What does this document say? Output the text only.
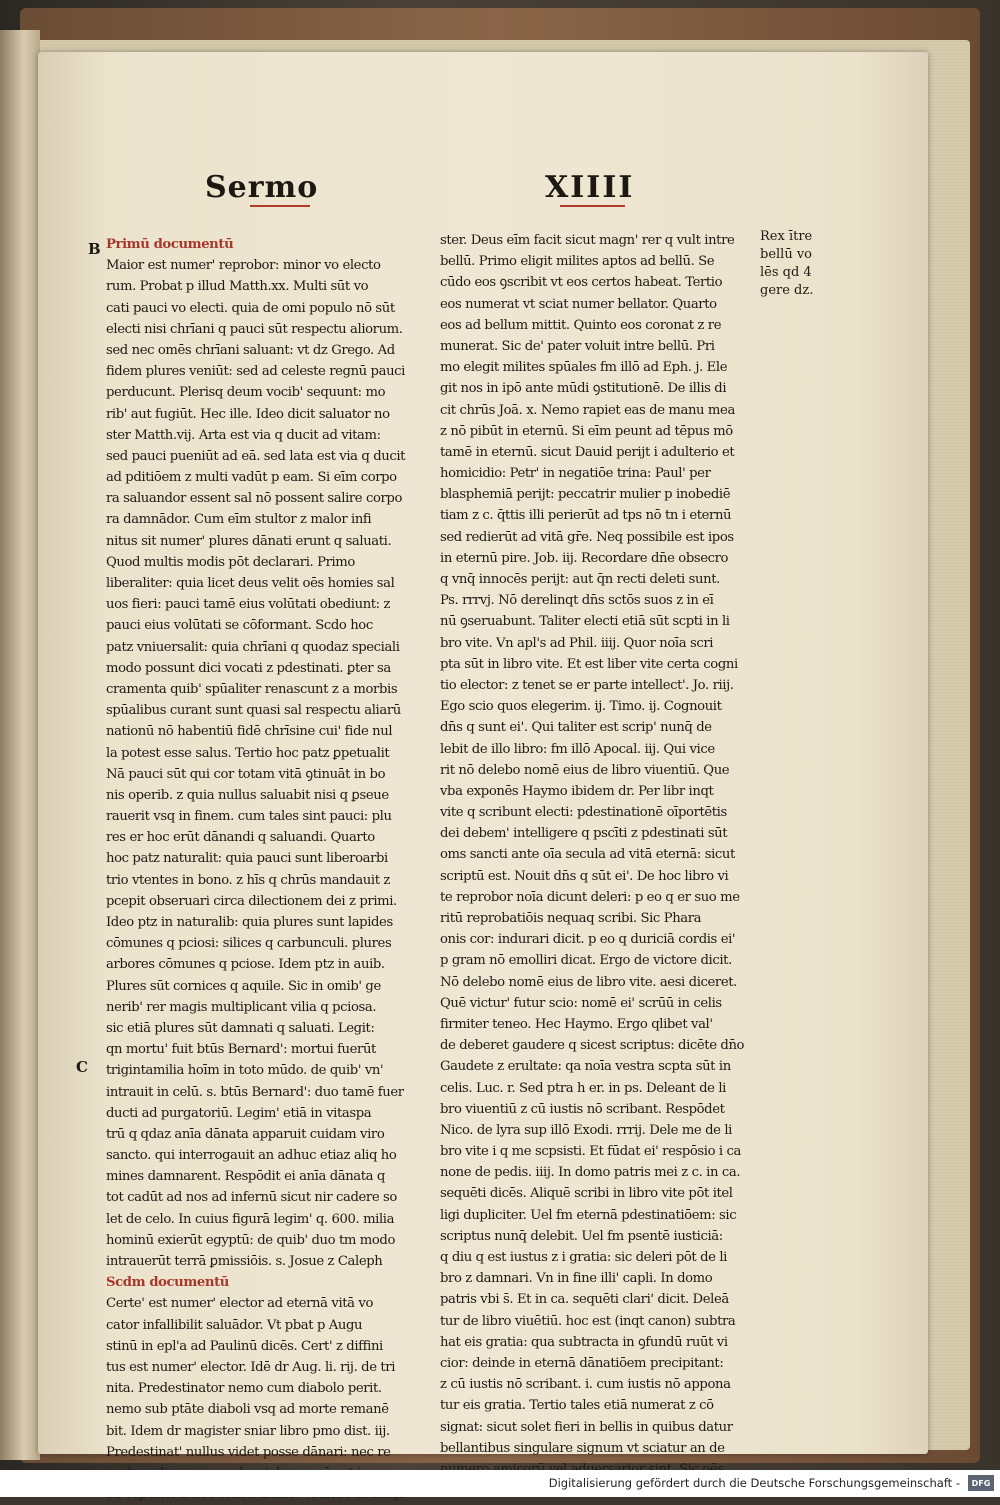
Sermo	XIIII
B
C
Primū documentū
Maior est numer' reprobor: minor vo electo
rum. Probat p illud Matth.xx. Multi sūt vo
cati pauci vo electi. quia de omi populo nō sūt
electi nisi chrīani q pauci sūt respectu aliorum.
sed nec omēs chrīani saluant: vt dz Grego. Ad
fidem plures veniūt: sed ad celeste regnū pauci
perducunt. Plerisq deum vocib' sequunt: mo
rib' aut fugiūt. Hec ille. Ideo dicit saluator no
ster Matth.vij. Arta est via q ducit ad vitam:
sed pauci pueniūt ad eā. sed lata est via q ducit
ad pditiōem z multi vadūt p eam. Si eīm corpo
ra saluandor essent sal nō possent salire corpo
ra damnādor. Cum eīm stultor z malor infi
nitus sit numer' plures dānati erunt q saluati.
Quod multis modis pōt declarari. Primo
liberaliter: quia licet deus velit oēs homies sal
uos fieri: pauci tamē eius volūtati obediunt: z
pauci eius volūtati se cōformant. Scdo hoc
patz vniuersalit: quia chrīani q quodaz speciali
modo possunt dici vocati z pdestinati. ꝑter sa
cramenta quib' spūaliter renascunt z a morbis
spūalibus curant sunt quasi sal respectu aliarū
nationū nō habentiū fidē chrīsine cui' fide nul
la potest esse salus. Tertio hoc patz ꝑpetualit
Nā pauci sūt qui cor totam vitā ꝯtinuāt in bo
nis operib. z quia nullus saluabit nisi q ꝑseue
rauerit vsq in finem. cum tales sint pauci: plu
res er hoc erūt dānandi q saluandi. Quarto
hoc patz naturalit: quia pauci sunt liberoarbi
trio vtentes in bono. z hīs q chrūs mandauit z
pcepit obseruari circa dilectionem dei z primi.
Ideo ptz in naturalib: quia plures sunt lapides
cōmunes q pciosi: silices q carbunculi. plures
arbores cōmunes q pciose. Idem ptz in auib.
Plures sūt cornices q aquile. Sic in omib' ge
nerib' rer magis multiplicant vilia q pciosa.
sic etiā plures sūt damnati q saluati. Legit:
qn mortu' fuit btūs Bernard': mortui fuerūt
trigintamilia hoīm in toto mūdo. de quib' vn'
intrauit in celū. s. btūs Bernard': duo tamē fuer
ducti ad purgatoriū. Legim' etiā in vitaspa
trū q qdaz anīa dānata apparuit cuidam viro
sancto. qui interrogauit an adhuc etiaz aliq ho
mines damnarent. Respōdit ei anīa dānata q
tot cadūt ad nos ad infernū sicut nir cadere so
let de celo. In cuius figurā legim' q. 600. milia
hominū exierūt egyptū: de quib' duo tm modo
intrauerūt terrā ꝑmissiōis. s. Josue z Caleph
Scdm documentū
Certe' est numer' elector ad eternā vitā vo
cator infallibilit saluādor. Vt pbat p Augu
stinū in epl'a ad Paulinū dicēs. Cert' z diffini
tus est numer' elector. Idē dr Aug. li. rij. de tri
nita. Predestinator nemo cum diabolo perit.
nemo sub ptāte diaboli vsq ad morte remanē
bit. Idem dr magister sniar libro pmo dist. iij.
Predestinat' nullus videt posse dānari: nec re
ster. Deus eīm facit sicut magn' rer q vult intre
bellū. Primo eligit milites aptos ad bellū. Se
cūdo eos ꝯscribit vt eos certos habeat. Tertio
eos numerat vt sciat numer bellator. Quarto
eos ad bellum mittit. Quinto eos coronat z re
munerat. Sic de' pater voluit intre bellū. Pri
mo elegit milites spūales fm illō ad Eph. j. Ele
git nos in ipō ante mūdi ꝯstitutionē. De illis di
cit chrūs Joā. x. Nemo rapiet eas de manu mea
z nō pibūt in eternū. Si eīm peunt ad tēpus mō
tamē in eternū. sicut Dauid perijt i adulterio et
homicidio: Petr' in negatiōe trina: Paul' per
blasphemiā perijt: peccatrir mulier p inobediē
tiam z c. q̄ttis illi perierūt ad tps nō tn i eternū
sed redierūt ad vitā gr̄e. Neq possibile est ipos
in eternū pire. Job. iij. Recordare dn̄e obsecro
q vnq̄ innocēs perijt: aut q̄n recti deleti sunt.
Ps. rrrvj. Nō derelinqt dn̄s sctōs suos z in eī
nū ꝯseruabunt. Taliter electi etiā sūt scpti in li
bro vite. Vn apl's ad Phil. iiij. Quor noīa scri
pta sūt in libro vite. Et est liber vite certa cogni
tio elector: z tenet se er parte intellect'. Jo. riij.
Ego scio quos elegerim. ij. Timo. ij. Cognouit
dn̄s q sunt ei'. Qui taliter est scrip' nunq̄ de
lebit de illo libro: fm illō Apocal. iij. Qui vice
rit nō delebo nomē eius de libro viuentiū. Que
vba exponēs Haymo ibidem dr. Per libr inqt
vite q scribunt electi: pdestinationē oīportētis
dei debem' intelligere q pscīti z pdestinati sūt
oms sancti ante oīa secula ad vitā eternā: sicut
scriptū est. Nouit dn̄s q sūt ei'. De hoc libro vi
te reprobor noīa dicunt deleri: p eo q er suo me
ritū reprobatiōis nequaq scribi. Sic Phara
onis cor: indurari dicit. p eo q duriciā cordis ei'
p gram nō emolliri dicat. Ergo de victore dicit.
Nō delebo nomē eius de libro vite. aesi diceret.
Quē victur' futur scio: nomē ei' scrūū in celis
firmiter teneo. Hec Haymo. Ergo qlibet val'
de deberet gaudere q sicest scriptus: dicēte dn̄o
Gaudete z erultate: qa noīa vestra scpta sūt in
celis. Luc. r. Sed ptra h er. in ps. Deleant de li
bro viuentiū z cū iustis nō scribant. Respōdet
Nico. de lyra sup illō Exodi. rrrij. Dele me de li
bro vite i q me scpsisti. Et fūdat ei' respōsio i ca
none de pedis. iiij. In domo patris mei z c. in ca.
sequēti dicēs. Aliquē scribi in libro vite pōt itel
ligi dupliciter. Uel fm eternā pdestinatiōem: sic
scriptus nunq̄ delebit. Uel fm psentē iusticiā:
q diu q est iustus z i gratia: sic deleri pōt de li
bro z damnari. Vn in fine illi' capli. In domo
patris vbi s̄. Et in ca. sequēti clari' dicit. Deleā
tur de libro viuētiū. hoc est (inqt canon) subtra
hat eis gratia: qua subtracta in ꝯfundū ruūt vi
cior: deinde in eternā dānatiōem precipitant:
z cū iustis nō scribant. i. cum iustis nō appona
tur eis gratia. Tertio tales etiā numerat z cō
signat: sicut solet fieri in bellis in quibus datur
bellantibus singulare signum vt sciatur an de
Rex ītre
bellū vo
lēs qd 4
gere dz.
Digitalisierung gefördert durch die Deutsche Forschungsgemeinschaft -	DFG
